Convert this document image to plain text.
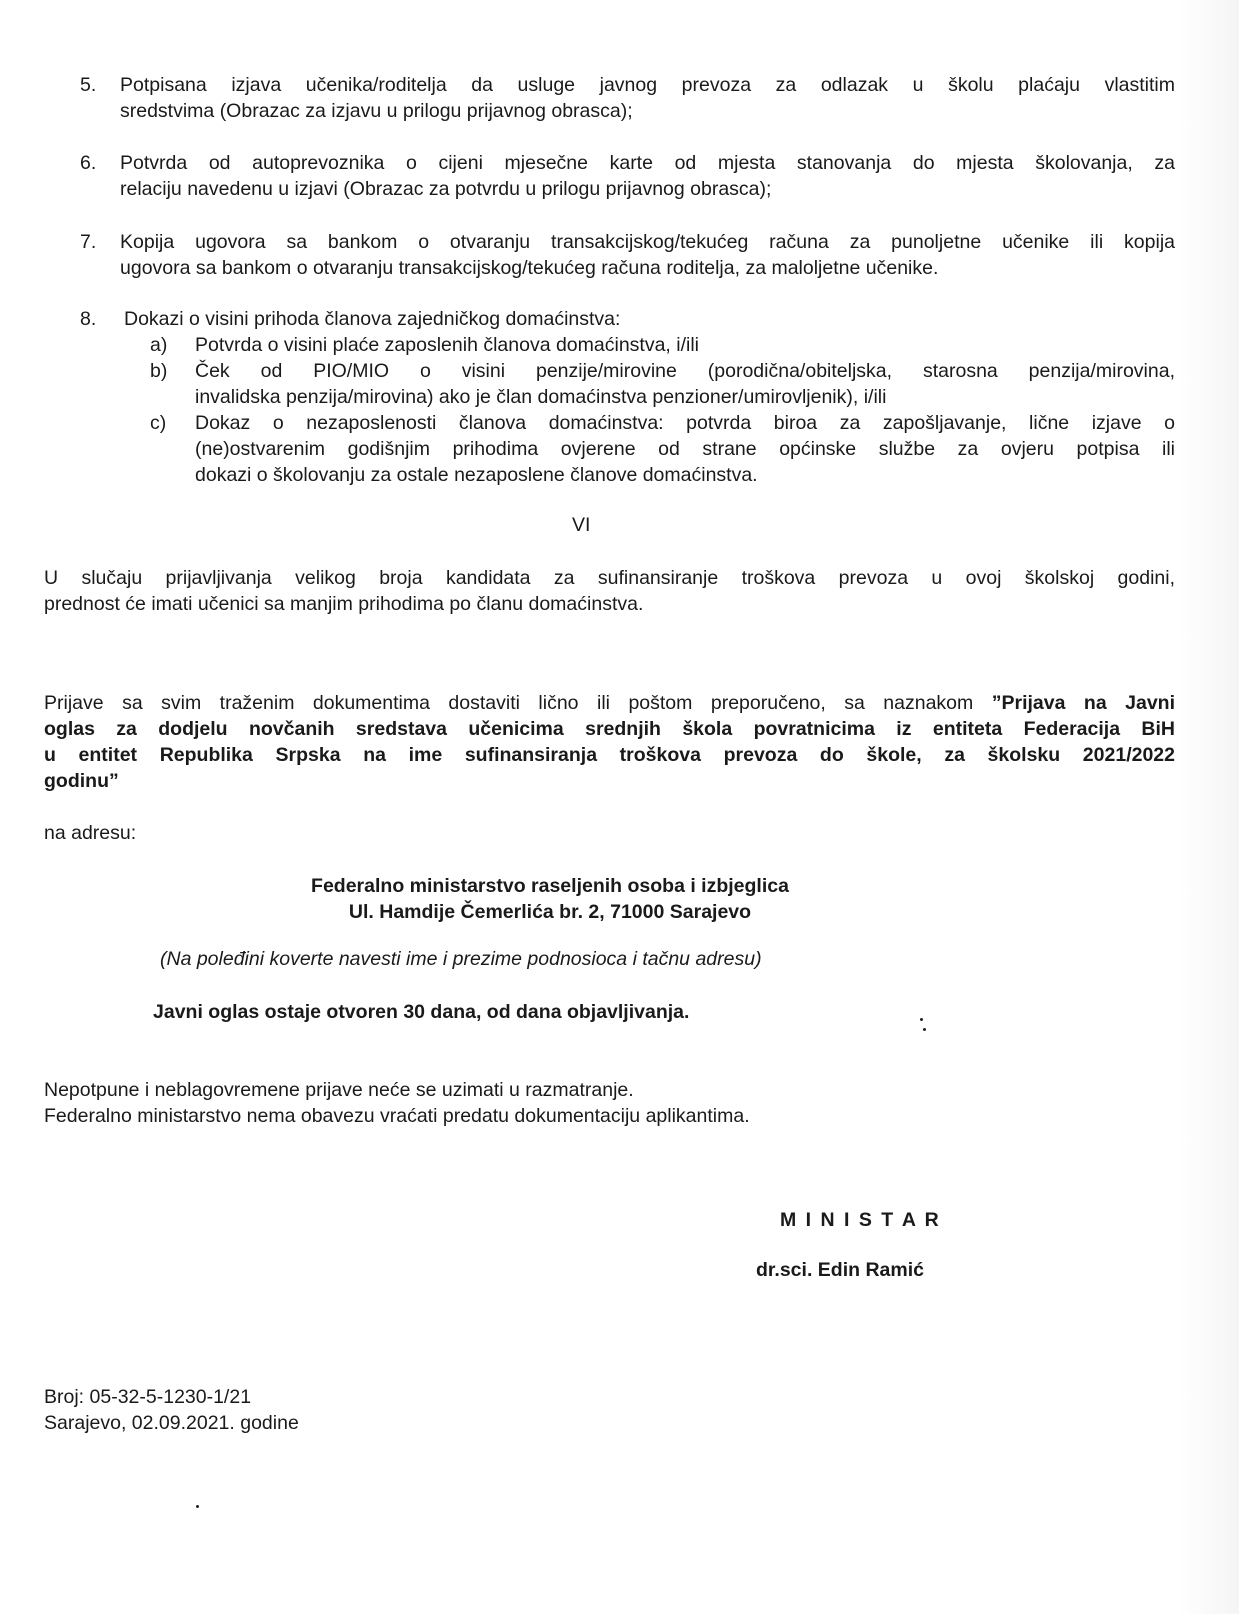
5. Potpisana izjava učenika/roditelja da usluge javnog prevoza za odlazak u školu plaćaju vlastitim
sredstvima (Obrazac za izjavu u prilogu prijavnog obrasca);
6. Potvrda od autoprevoznika o cijeni mjesečne karte od mjesta stanovanja do mjesta školovanja, za
relaciju navedenu u izjavi (Obrazac za potvrdu u prilogu prijavnog obrasca);
7. Kopija ugovora sa bankom o otvaranju transakcijskog/tekućeg računa za punoljetne učenike ili kopija
ugovora sa bankom o otvaranju transakcijskog/tekućeg računa roditelja, za maloljetne učenike.
8. Dokazi o visini prihoda članova zajedničkog domaćinstva:
a) Potvrda o visini plaće zaposlenih članova domaćinstva, i/ili
b) Ček od PIO/MIO o visini penzije/mirovine (porodična/obiteljska, starosna penzija/mirovina,
invalidska penzija/mirovina) ako je član domaćinstva penzioner/umirovljenik), i/ili
c) Dokaz o nezaposlenosti članova domaćinstva: potvrda biroa za zapošljavanje, lične izjave o
(ne)ostvarenim godišnjim prihodima ovjerene od strane općinske službe za ovjeru potpisa ili
dokazi o školovanju za ostale nezaposlene članove domaćinstva.
VI
U slučaju prijavljivanja velikog broja kandidata za sufinansiranje troškova prevoza u ovoj školskoj godini,
prednost će imati učenici sa manjim prihodima po članu domaćinstva.
Prijave sa svim traženim dokumentima dostaviti lično ili poštom preporučeno, sa naznakom ”Prijava na Javni
oglas za dodjelu novčanih sredstava učenicima srednjih škola povratnicima iz entiteta Federacija BiH
u entitet Republika Srpska na ime sufinansiranja troškova prevoza do škole, za školsku 2021/2022
godinu”
na adresu:
Federalno ministarstvo raseljenih osoba i izbjeglica
Ul. Hamdije Čemerlića br. 2, 71000 Sarajevo
(Na poleđini koverte navesti ime i prezime podnosioca i tačnu adresu)
Javni oglas ostaje otvoren 30 dana, od dana objavljivanja.
Nepotpune i neblagovremene prijave neće se uzimati u razmatranje.
Federalno ministarstvo nema obavezu vraćati predatu dokumentaciju aplikantima.
M I N I S T A R
dr.sci. Edin Ramić
Broj: 05-32-5-1230-1/21
Sarajevo, 02.09.2021. godine
